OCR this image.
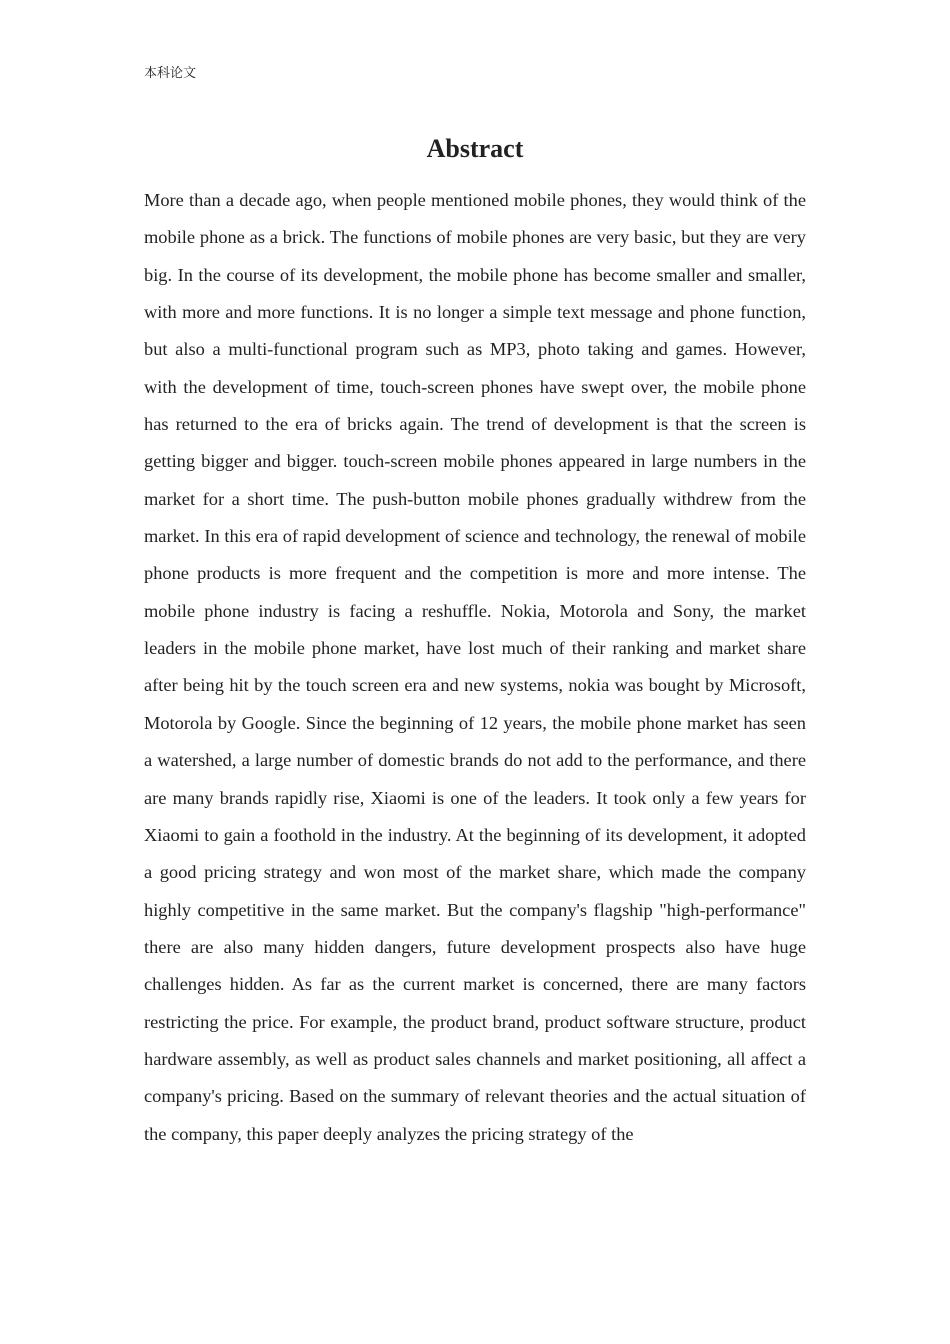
本科论文
Abstract

More than a decade ago, when people mentioned mobile phones, they would think of the mobile phone as a brick. The functions of mobile phones are very basic, but they are very big. In the course of its development, the mobile phone has become smaller and smaller, with more and more functions. It is no longer a simple text message and phone function, but also a multi-functional program such as MP3, photo taking and games. However, with the development of time, touch-screen phones have swept over, the mobile phone has returned to the era of bricks again. The trend of development is that the screen is getting bigger and bigger. touch-screen mobile phones appeared in large numbers in the market for a short time. The push-button mobile phones gradually withdrew from the market. In this era of rapid development of science and technology, the renewal of mobile phone products is more frequent and the competition is more and more intense. The mobile phone industry is facing a reshuffle. Nokia, Motorola and Sony, the market leaders in the mobile phone market, have lost much of their ranking and market share after being hit by the touch screen era and new systems, nokia was bought by Microsoft, Motorola by Google. Since the beginning of 12 years, the mobile phone market has seen a watershed, a large number of domestic brands do not add to the performance, and there are many brands rapidly rise, Xiaomi is one of the leaders. It took only a few years for Xiaomi to gain a foothold in the industry. At the beginning of its development, it adopted a good pricing strategy and won most of the market share, which made the company highly competitive in the same market. But the company's flagship "high-performance" there are also many hidden dangers, future development prospects also have huge challenges hidden. As far as the current market is concerned, there are many factors restricting the price. For example, the product brand, product software structure, product hardware assembly, as well as product sales channels and market positioning, all affect a company's pricing. Based on the summary of relevant theories and the actual situation of the company, this paper deeply analyzes the pricing strategy of the
